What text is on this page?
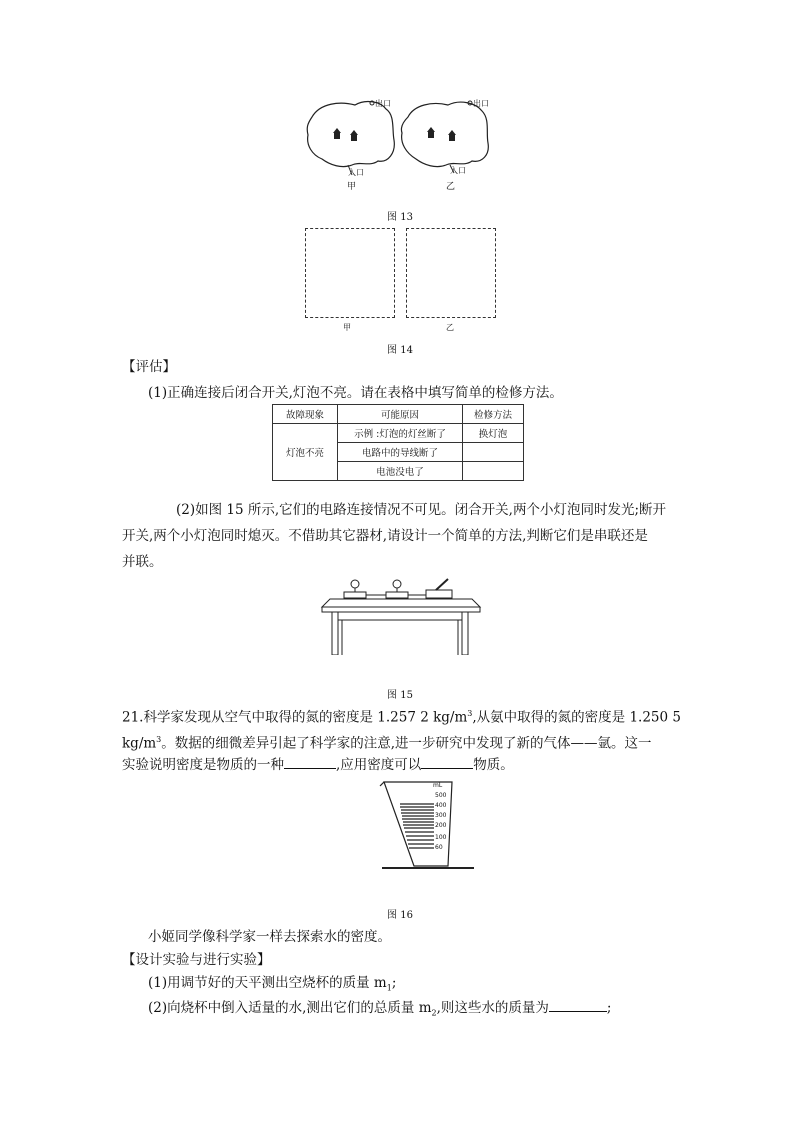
出口	出口
入口	入口
甲	乙
图 13
甲	乙
图 14
【评估】
(1)正确连接后闭合开关,灯泡不亮。请在表格中填写简单的检修方法。
故障现象	可能原因	检修方法
灯泡不亮	示例 :灯泡的灯丝断了	换灯泡
	电路中的导线断了	
	电池没电了	
(2)如图 15 所示,它们的电路连接情况不可见。闭合开关,两个小灯泡同时发光;断开
开关,两个小灯泡同时熄灭。不借助其它器材,请设计一个简单的方法,判断它们是串联还是
并联。
图 15
21.科学家发现从空气中取得的氮的密度是 1.257 2 $kg/m^3$,从氨中取得的氮的密度是 1.250 5
$kg/m^3$。数据的细微差异引起了科学家的注意,进一步研究中发现了新的气体——氩。这一
实验说明密度是物质的一种	,应用密度可以	物质。
mL
500
400
300
200
100
60
图 16
小姬同学像科学家一样去探索水的密度。
【设计实验与进行实验】
(1)用调节好的天平测出空烧杯的质量 $m_1$;
(2)向烧杯中倒入适量的水,测出它们的总质量 $m_2$,则这些水的质量为	;
